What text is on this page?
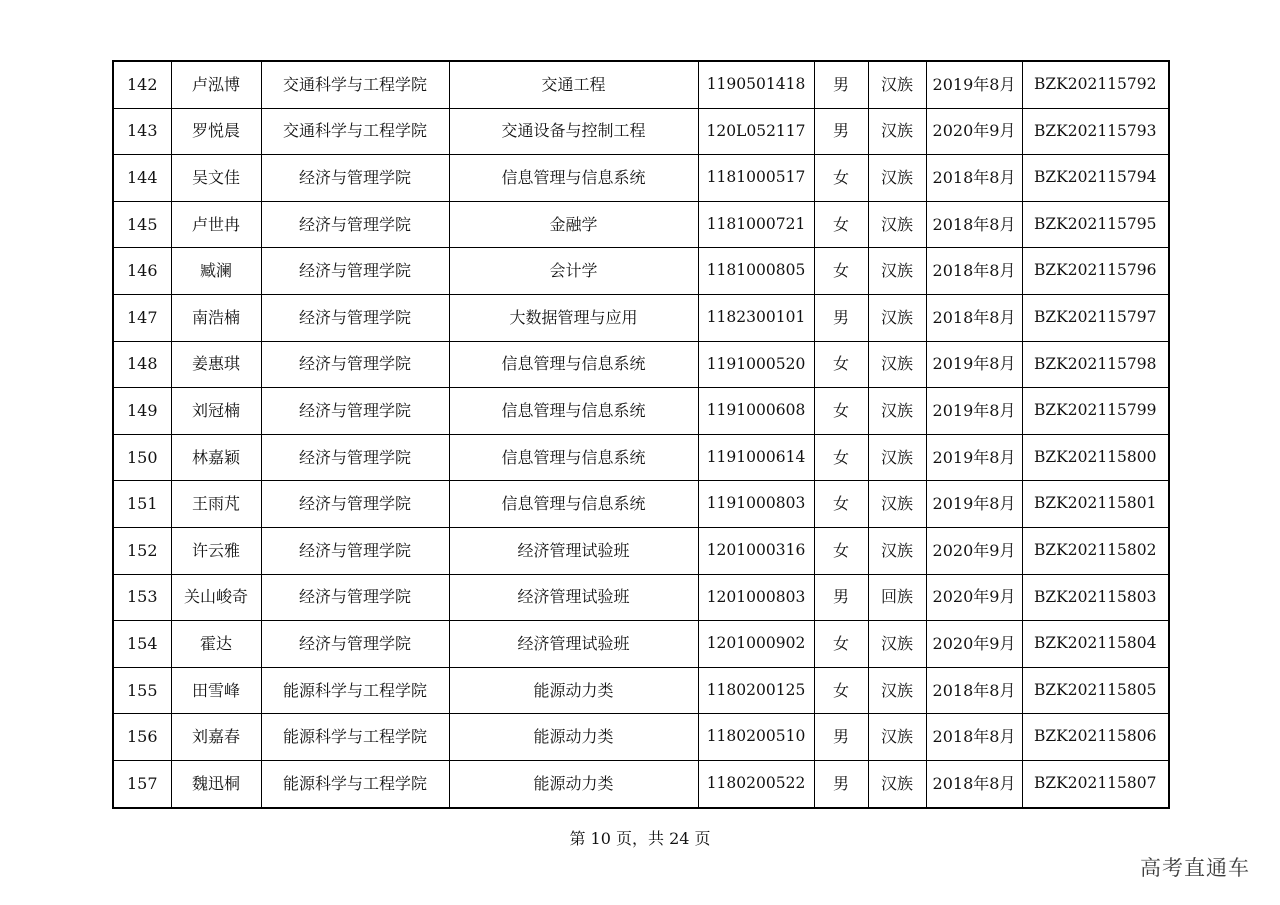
142	卢泓博	交通科学与工程学院	交通工程	1190501418	男	汉族	2019年8月	BZK202115792
143	罗悦晨	交通科学与工程学院	交通设备与控制工程	120L052117	男	汉族	2020年9月	BZK202115793
144	吴文佳	经济与管理学院	信息管理与信息系统	1181000517	女	汉族	2018年8月	BZK202115794
145	卢世冉	经济与管理学院	金融学	1181000721	女	汉族	2018年8月	BZK202115795
146	臧澜	经济与管理学院	会计学	1181000805	女	汉族	2018年8月	BZK202115796
147	南浩楠	经济与管理学院	大数据管理与应用	1182300101	男	汉族	2018年8月	BZK202115797
148	姜惠琪	经济与管理学院	信息管理与信息系统	1191000520	女	汉族	2019年8月	BZK202115798
149	刘冠楠	经济与管理学院	信息管理与信息系统	1191000608	女	汉族	2019年8月	BZK202115799
150	林嘉颖	经济与管理学院	信息管理与信息系统	1191000614	女	汉族	2019年8月	BZK202115800
151	王雨芃	经济与管理学院	信息管理与信息系统	1191000803	女	汉族	2019年8月	BZK202115801
152	许云雅	经济与管理学院	经济管理试验班	1201000316	女	汉族	2020年9月	BZK202115802
153	关山峻奇	经济与管理学院	经济管理试验班	1201000803	男	回族	2020年9月	BZK202115803
154	霍达	经济与管理学院	经济管理试验班	1201000902	女	汉族	2020年9月	BZK202115804
155	田雪峰	能源科学与工程学院	能源动力类	1180200125	女	汉族	2018年8月	BZK202115805
156	刘嘉春	能源科学与工程学院	能源动力类	1180200510	男	汉族	2018年8月	BZK202115806
157	魏迅桐	能源科学与工程学院	能源动力类	1180200522	男	汉族	2018年8月	BZK202115807
第 10 页，共 24 页
高考直通车
